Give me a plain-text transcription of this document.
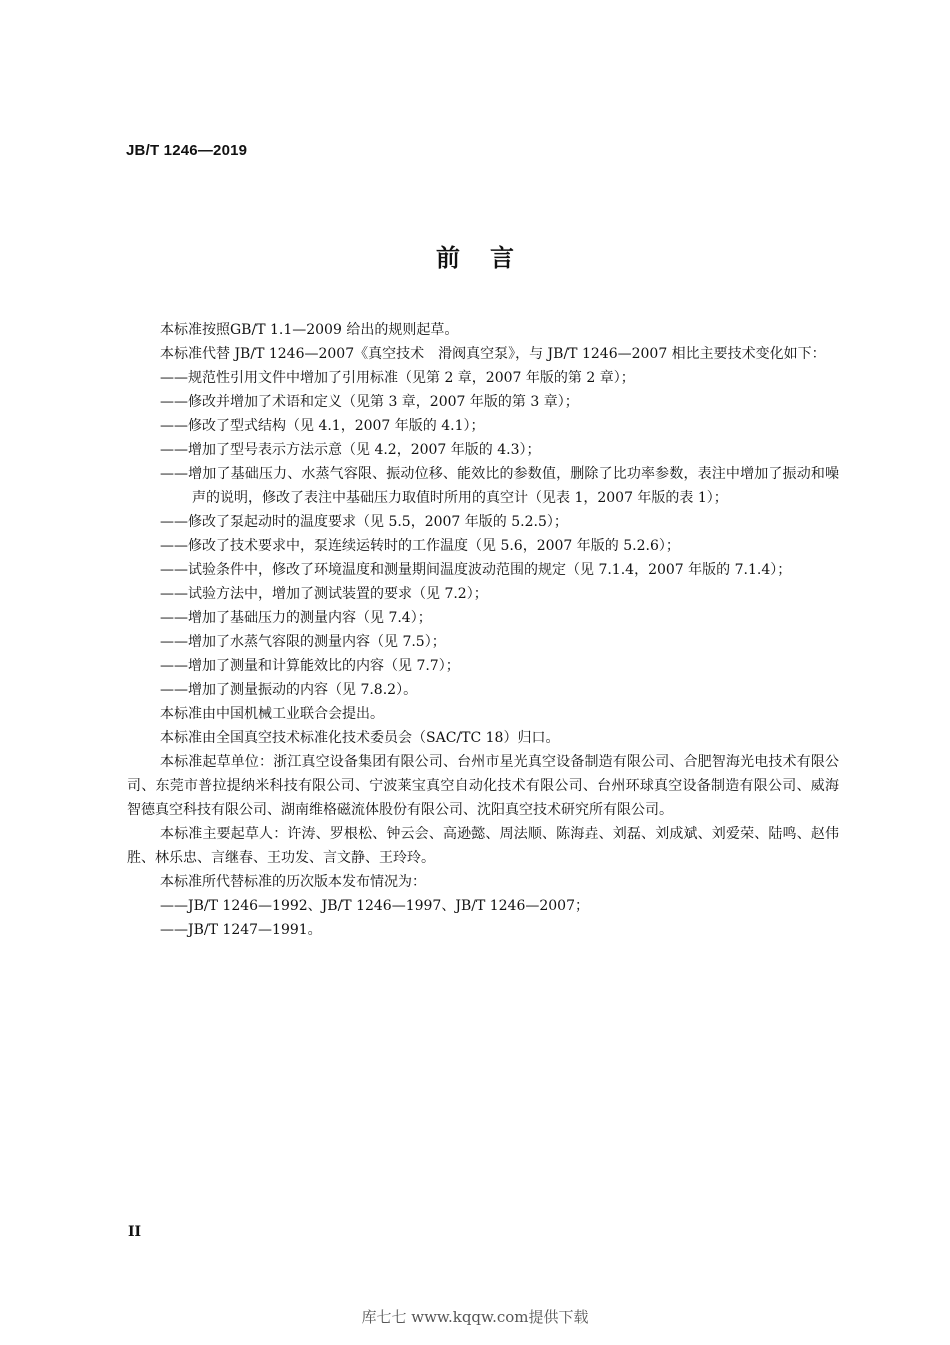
JB/T 1246—2019
前言

本标准按照GB/T 1.1—2009 给出的规则起草。

本标准代替 JB/T 1246—2007《真空技术　滑阀真空泵》，与 JB/T 1246—2007 相比主要技术变化如下：

——规范性引用文件中增加了引用标准（见第 2 章，2007 年版的第 2 章）；

——修改并增加了术语和定义（见第 3 章，2007 年版的第 3 章）；

——修改了型式结构（见 4.1，2007 年版的 4.1）；

——增加了型号表示方法示意（见 4.2，2007 年版的 4.3）；

——增加了基础压力、水蒸气容限、振动位移、能效比的参数值，删除了比功率参数，表注中增加了振动和噪声的说明，修改了表注中基础压力取值时所用的真空计（见表 1，2007 年版的表 1）；

——修改了泵起动时的温度要求（见 5.5，2007 年版的 5.2.5）；

——修改了技术要求中，泵连续运转时的工作温度（见 5.6，2007 年版的 5.2.6）；

——试验条件中，修改了环境温度和测量期间温度波动范围的规定（见 7.1.4，2007 年版的 7.1.4）；

——试验方法中，增加了测试装置的要求（见 7.2）；

——增加了基础压力的测量内容（见 7.4）；

——增加了水蒸气容限的测量内容（见 7.5）；

——增加了测量和计算能效比的内容（见 7.7）；

——增加了测量振动的内容（见 7.8.2）。

本标准由中国机械工业联合会提出。

本标准由全国真空技术标准化技术委员会（SAC/TC 18）归口。

本标准起草单位：浙江真空设备集团有限公司、台州市星光真空设备制造有限公司、合肥智海光电技术有限公司、东莞市普拉提纳米科技有限公司、宁波莱宝真空自动化技术有限公司、台州环球真空设备制造有限公司、威海智德真空科技有限公司、湖南维格磁流体股份有限公司、沈阳真空技术研究所有限公司。

本标准主要起草人：许涛、罗根松、钟云会、高逊懿、周法顺、陈海垚、刘磊、刘成斌、刘爱荣、陆鸣、赵伟胜、林乐忠、言继春、王功发、言文静、王玲玲。

本标准所代替标准的历次版本发布情况为：

——JB/T 1246—1992、JB/T 1246—1997、JB/T 1246—2007；

——JB/T 1247—1991。

II
库七七 www.kqqw.com提供下载
